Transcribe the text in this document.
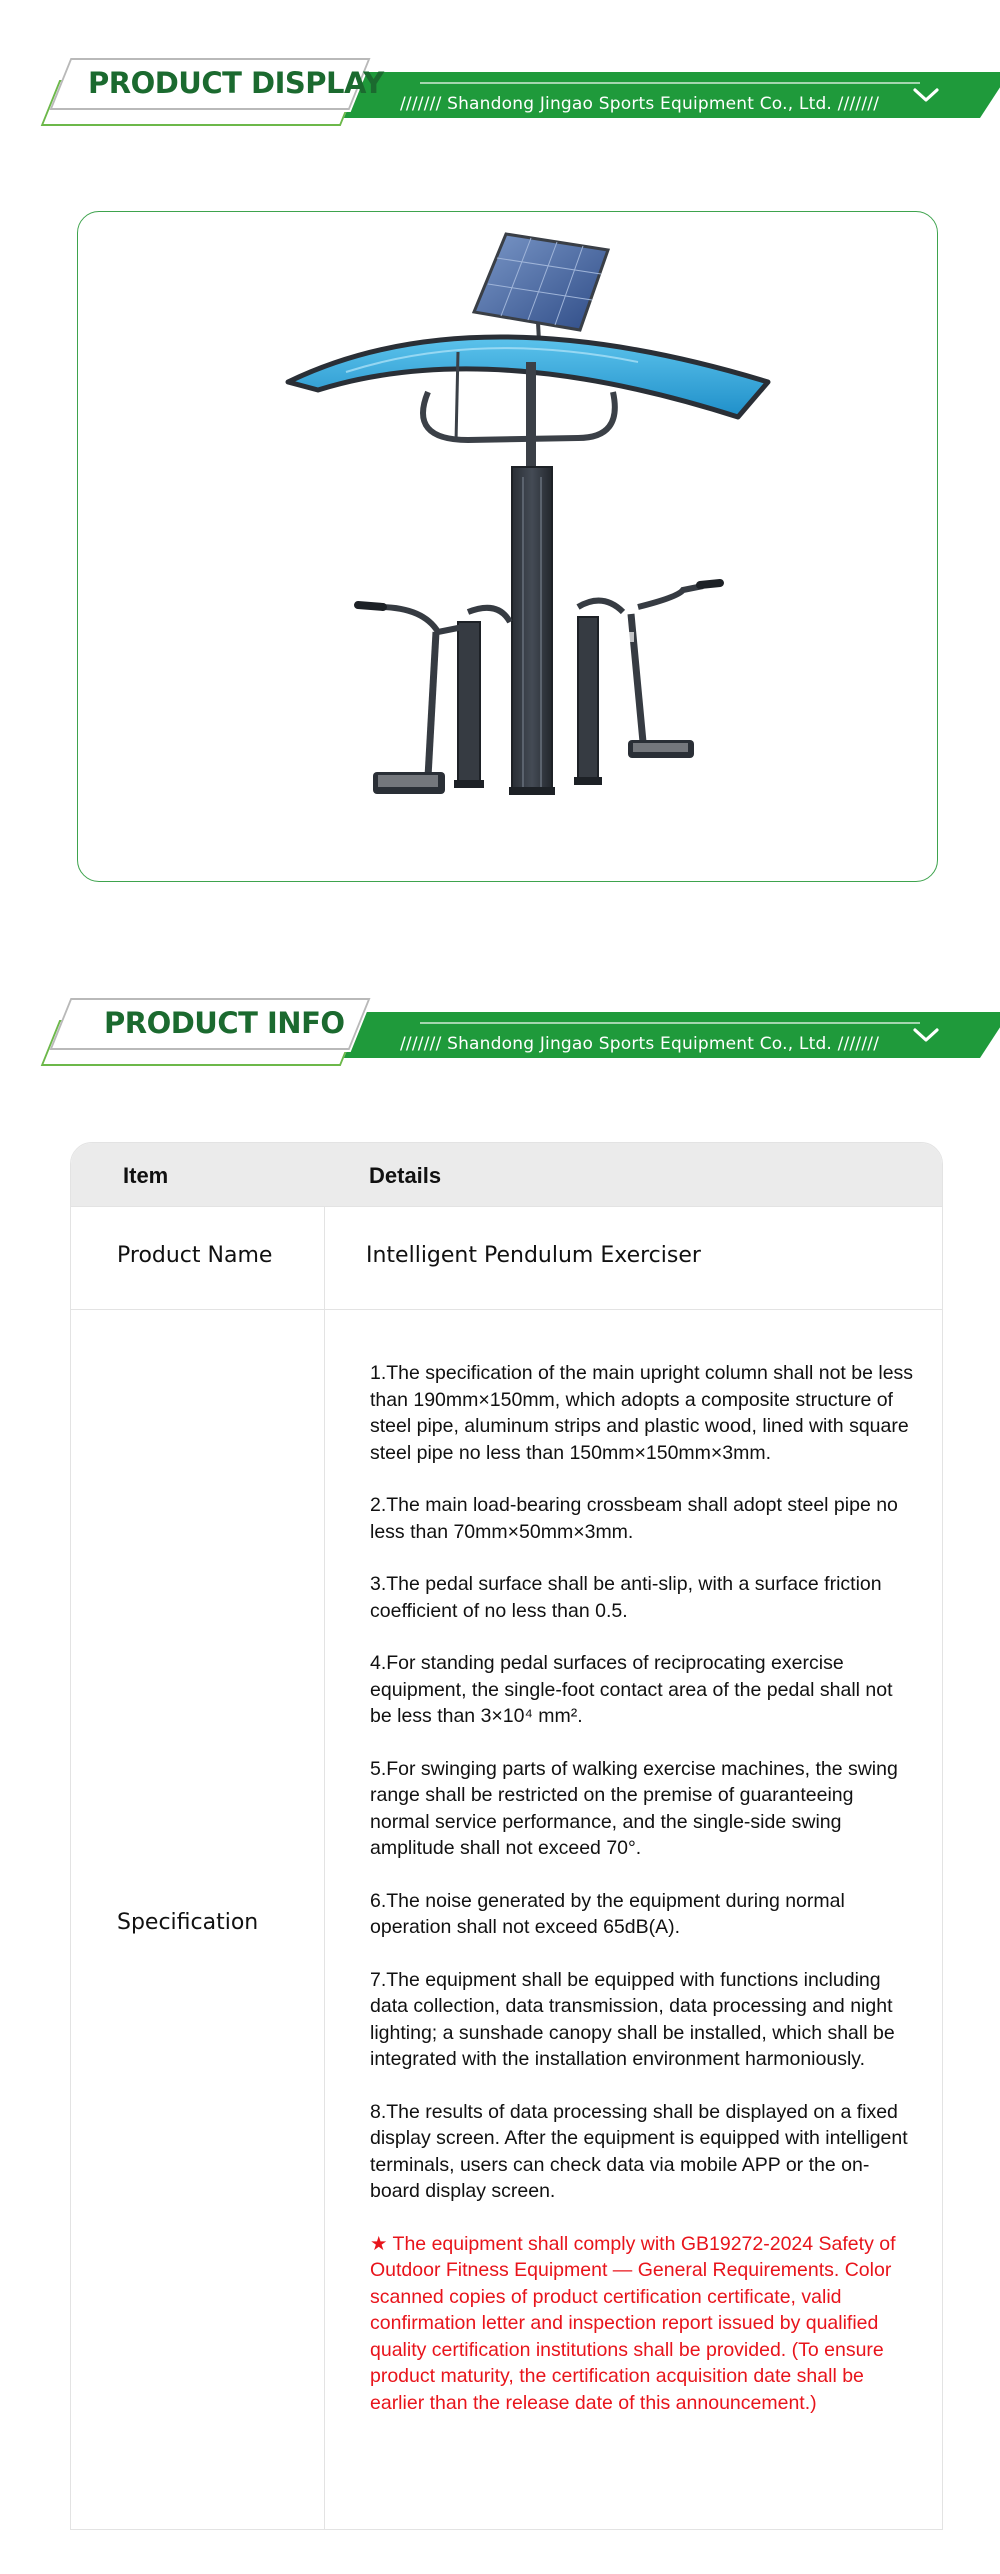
/////// Shandong Jingao Sports Equipment Co., Ltd. ///////
PRODUCT DISPLAY
/////// Shandong Jingao Sports Equipment Co., Ltd. ///////
PRODUCT INFO
Item	Details
Product Name	Intelligent Pendulum Exerciser
Specification
1.The specification of the main upright column shall not be less than 190mm×150mm, which adopts a composite structure of steel pipe, aluminum strips and plastic wood, lined with square steel pipe no less than 150mm×150mm×3mm.
2.The main load-bearing crossbeam shall adopt steel pipe no less than 70mm×50mm×3mm.
3.The pedal surface shall be anti-slip, with a surface friction coefficient of no less than 0.5.
4.For standing pedal surfaces of reciprocating exercise equipment, the single-foot contact area of the pedal shall not be less than 3×10⁴ mm².
5.For swinging parts of walking exercise machines, the swing range shall be restricted on the premise of guaranteeing normal service performance, and the single-side swing amplitude shall not exceed 70°.
6.The noise generated by the equipment during normal operation shall not exceed 65dB(A).
7.The equipment shall be equipped with functions including data collection, data transmission, data processing and night lighting; a sunshade canopy shall be installed, which shall be integrated with the installation environment harmoniously.
8.The results of data processing shall be displayed on a fixed display screen. After the equipment is equipped with intelligent terminals, users can check data via mobile APP or the on-board display screen.
★ The equipment shall comply with GB19272-2024 Safety of Outdoor Fitness Equipment — General Requirements. Color scanned copies of product certification certificate, valid confirmation letter and inspection report issued by qualified quality certification institutions shall be provided. (To ensure product maturity, the certification acquisition date shall be earlier than the release date of this announcement.)
